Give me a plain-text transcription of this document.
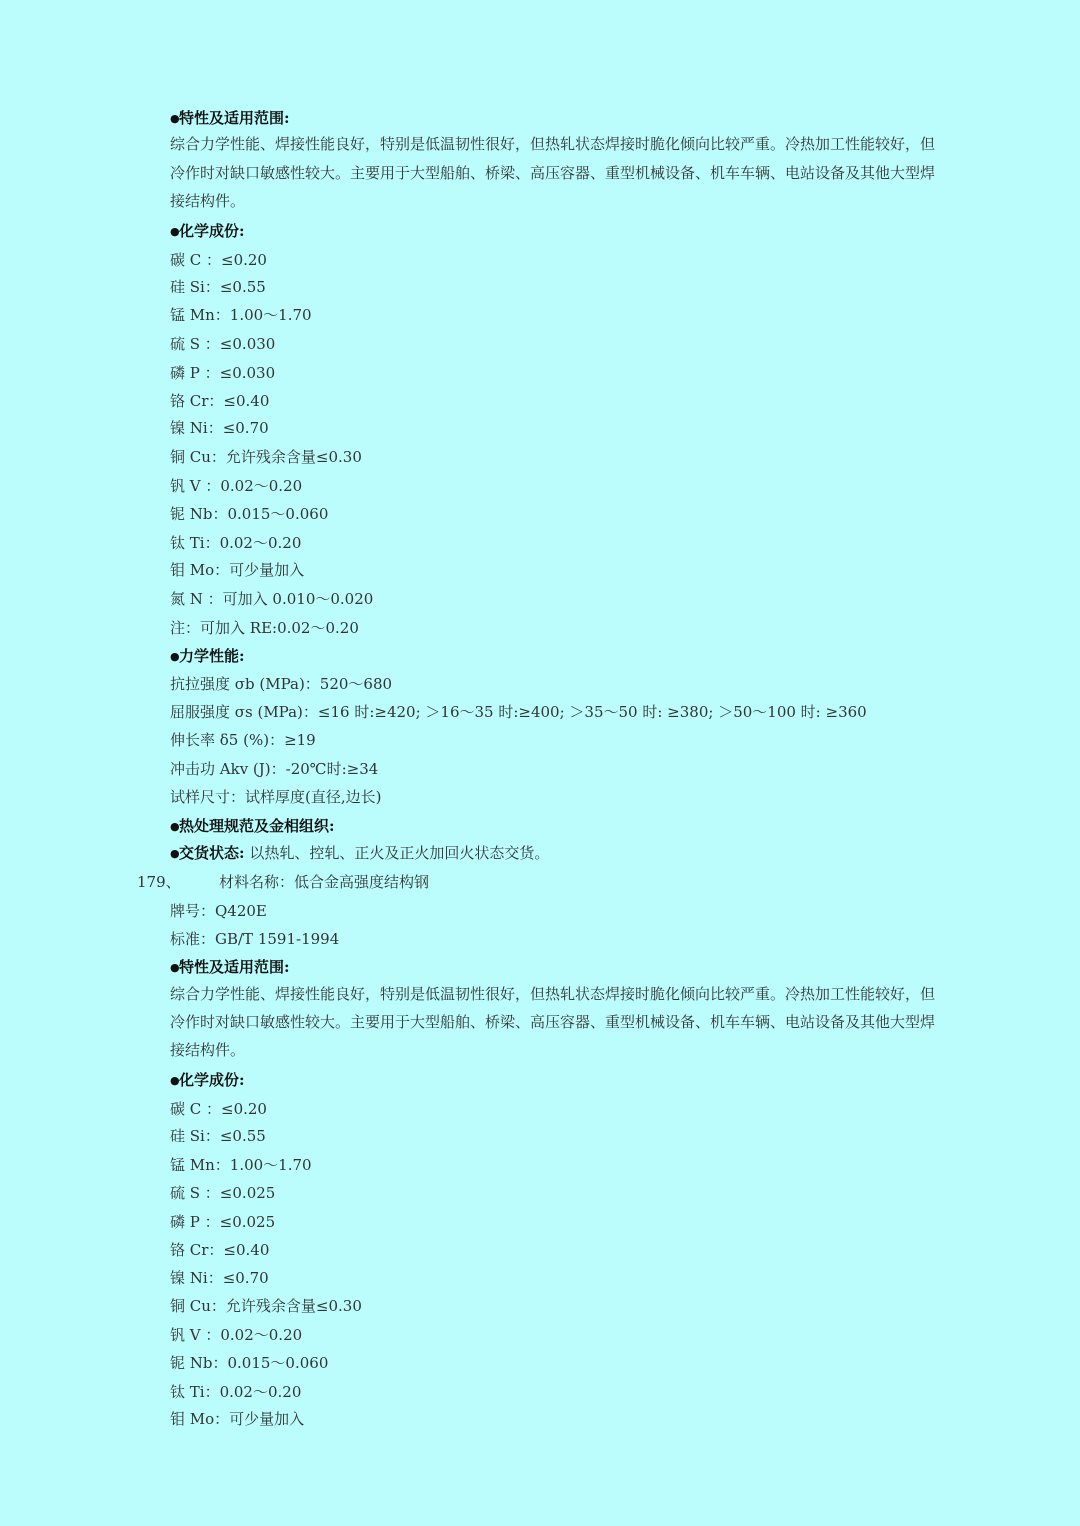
●特性及适用范围:
综合力学性能、焊接性能良好，特别是低温韧性很好，但热轧状态焊接时脆化倾向比较严重。冷热加工性能较好，但
冷作时对缺口敏感性较大。主要用于大型船舶、桥梁、高压容器、重型机械设备、机车车辆、电站设备及其他大型焊
接结构件。
●化学成份:
碳 C ：≤0.20
硅 Si：≤0.55
锰 Mn：1.00～1.70
硫 S ：≤0.030
磷 P ：≤0.030
铬 Cr：≤0.40
镍 Ni：≤0.70
铜 Cu：允许残余含量≤0.30
钒 V ：0.02～0.20
铌 Nb：0.015～0.060
钛 Ti：0.02～0.20
钼 Mo：可少量加入
氮 N ：可加入 0.010～0.020
注：可加入 RE:0.02～0.20
●力学性能:
抗拉强度 σb (MPa)：520～680
屈服强度 σs (MPa)：≤16 时:≥420; ＞16～35 时:≥400; ＞35～50 时: ≥380; ＞50～100 时: ≥360
伸长率 δ5 (%)：≥19
冲击功 Akv (J)：-20℃时:≥34
试样尺寸：试样厚度(直径,边长)
●热处理规范及金相组织:
●交货状态: 以热轧、控轧、正火及正火加回火状态交货。
179、	材料名称：低合金高强度结构钢
牌号：Q420E
标准：GB/T 1591-1994
●特性及适用范围:
综合力学性能、焊接性能良好，特别是低温韧性很好，但热轧状态焊接时脆化倾向比较严重。冷热加工性能较好，但
冷作时对缺口敏感性较大。主要用于大型船舶、桥梁、高压容器、重型机械设备、机车车辆、电站设备及其他大型焊
接结构件。
●化学成份:
碳 C ：≤0.20
硅 Si：≤0.55
锰 Mn：1.00～1.70
硫 S ：≤0.025
磷 P ：≤0.025
铬 Cr：≤0.40
镍 Ni：≤0.70
铜 Cu：允许残余含量≤0.30
钒 V ：0.02～0.20
铌 Nb：0.015～0.060
钛 Ti：0.02～0.20
钼 Mo：可少量加入
